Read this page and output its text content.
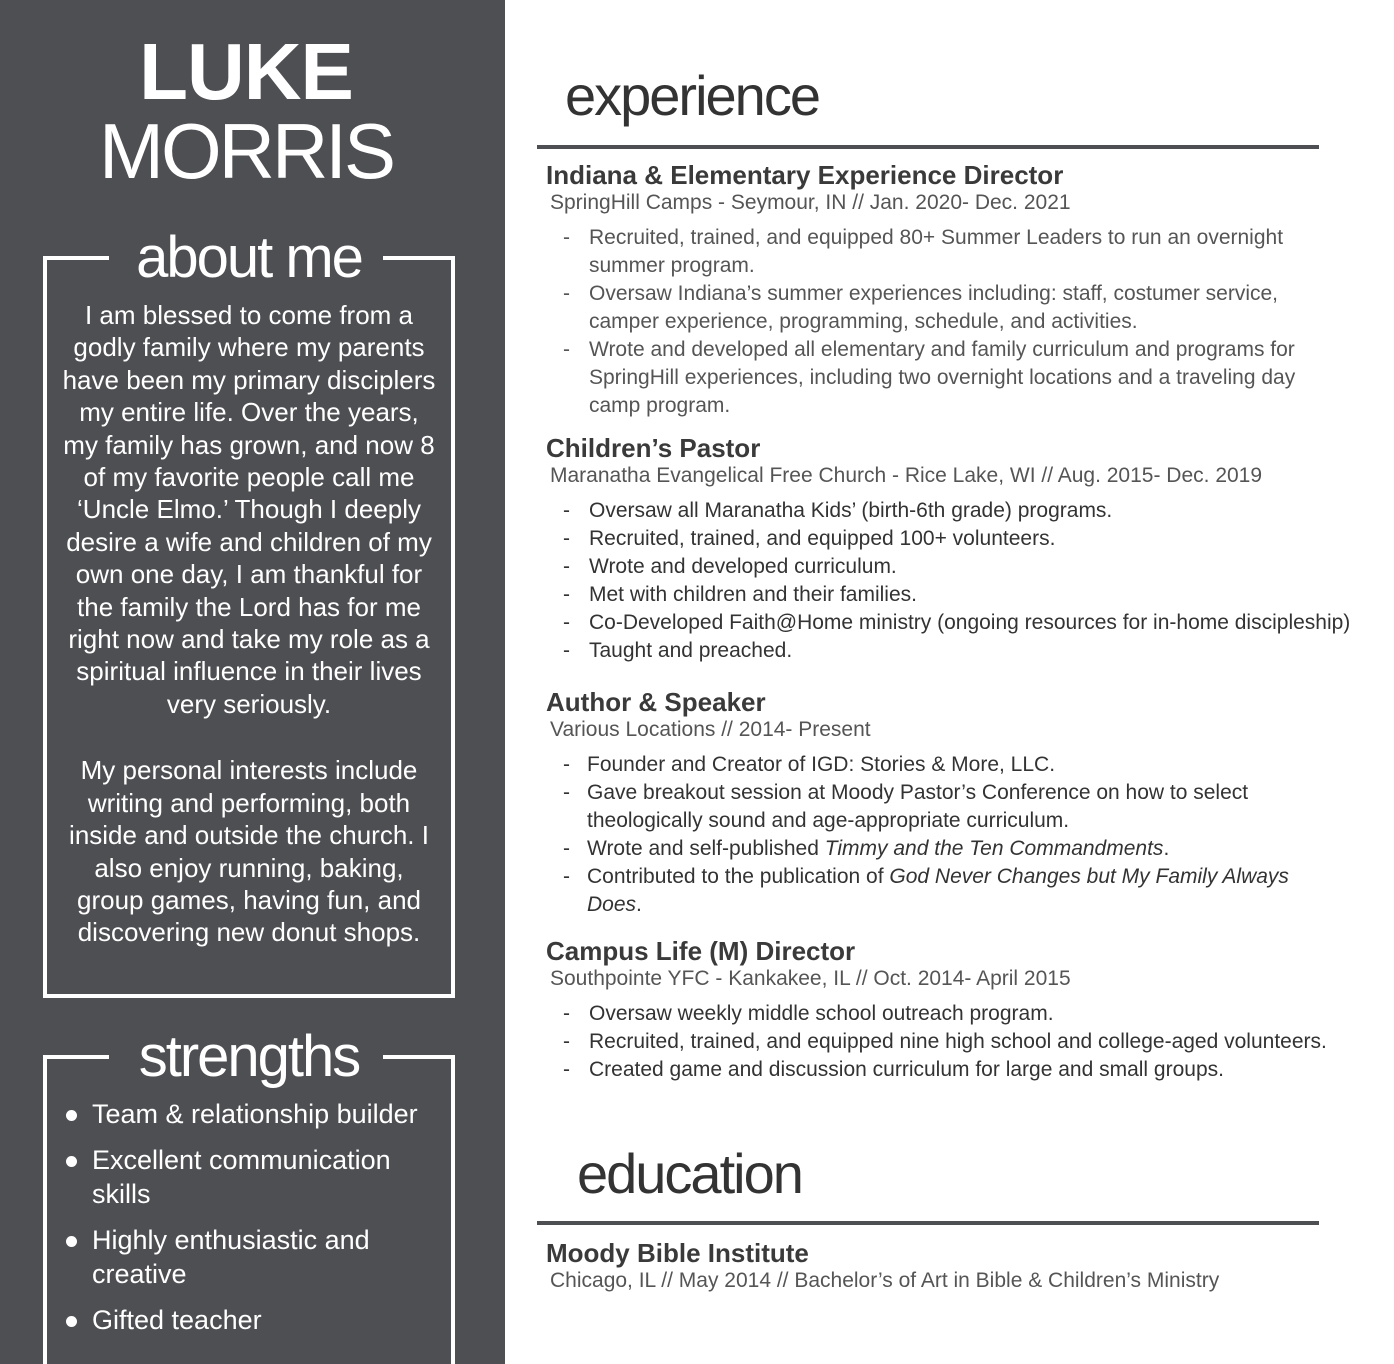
LUKE
MORRIS
about me

I am blessed to come from a godly family where my parents have been my primary disciplers my entire life. Over the years, my family has grown, and now 8 of my favorite people call me ‘Uncle Elmo.’ Though I deeply desire a wife and children of my own one day, I am thankful for the family the Lord has for me right now and take my role as a spiritual influence in their lives very seriously.

My personal interests include writing and performing, both inside and outside the church. I also enjoy running, baking, group games, having fun, and discovering new donut shops.

strengths
Team & relationship builder
Excellent communication skills
Highly enthusiastic and creative
Gifted teacher
experience
Indiana & Elementary Experience Director
SpringHill Camps - Seymour, IN // Jan. 2020- Dec. 2021
- Recruited, trained, and equipped 80+ Summer Leaders to run an overnight summer program.
- Oversaw Indiana’s summer experiences including: staff, costumer service, camper experience, programming, schedule, and activities.
- Wrote and developed all elementary and family curriculum and programs for SpringHill experiences, including two overnight locations and a traveling day camp program.
Children’s Pastor
Maranatha Evangelical Free Church - Rice Lake, WI // Aug. 2015- Dec. 2019
- Oversaw all Maranatha Kids’ (birth-6th grade) programs.
- Recruited, trained, and equipped 100+ volunteers.
- Wrote and developed curriculum.
- Met with children and their families.
- Co-Developed Faith@Home ministry (ongoing resources for in-home discipleship)
- Taught and preached.
Author & Speaker
Various Locations // 2014- Present
- Founder and Creator of IGD: Stories & More, LLC.
- Gave breakout session at Moody Pastor’s Conference on how to select theologically sound and age-appropriate curriculum.
- Wrote and self-published Timmy and the Ten Commandments.
- Contributed to the publication of God Never Changes but My Family Always Does.
Campus Life (M) Director
Southpointe YFC - Kankakee, IL // Oct. 2014- April 2015
- Oversaw weekly middle school outreach program.
- Recruited, trained, and equipped nine high school and college-aged volunteers.
- Created game and discussion curriculum for large and small groups.
education
Moody Bible Institute
Chicago, IL // May 2014 // Bachelor’s of Art in Bible & Children’s Ministry
